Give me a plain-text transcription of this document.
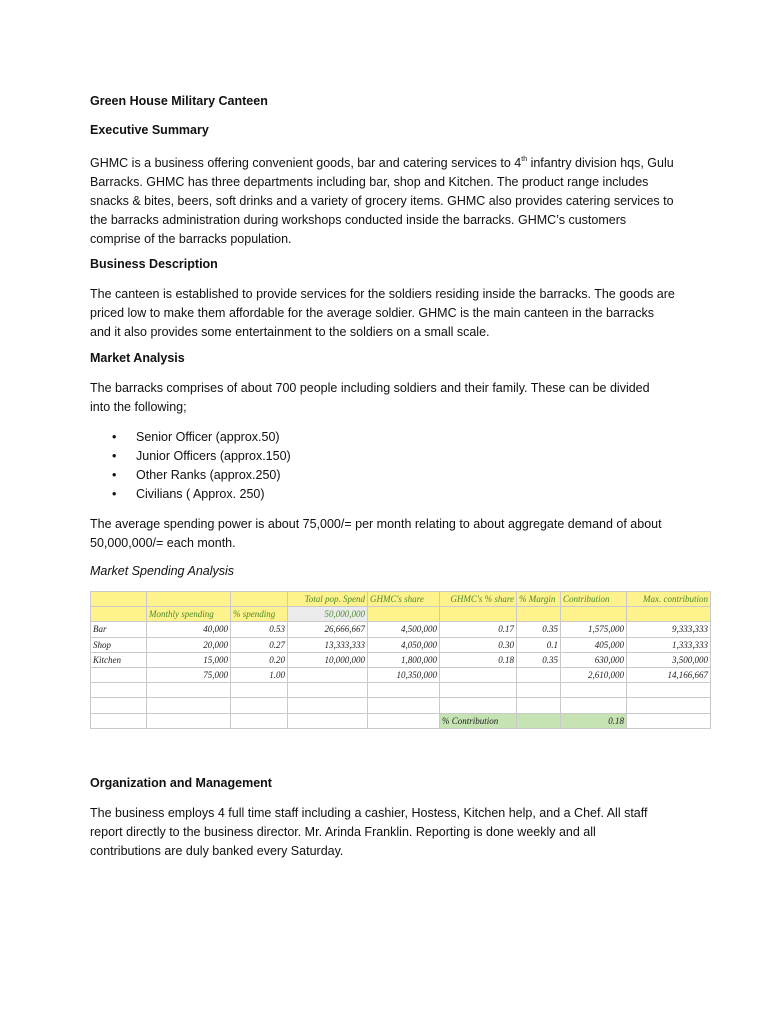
Green House Military Canteen
Executive Summary
GHMC is a business offering convenient goods, bar and catering services to 4th infantry division hqs, Gulu
Barracks. GHMC has three departments including bar, shop and Kitchen. The product range includes
snacks & bites, beers, soft drinks and a variety of grocery items. GHMC also provides catering services to
the barracks administration during workshops conducted inside the barracks. GHMC’s customers
comprise of the barracks population.
Business Description
The canteen is established to provide services for the soldiers residing inside the barracks. The goods are
priced low to make them affordable for the average soldier. GHMC is the main canteen in the barracks
and it also provides some entertainment to the soldiers on a small scale.
Market Analysis
The barracks comprises of about 700 people including soldiers and their family. These can be divided
into the following;
• Senior Officer (approx.50)
• Junior Officers (approx.150)
• Other Ranks (approx.250)
• Civilians ( Approx. 250)
The average spending power is about 75,000/= per month relating to about aggregate demand of about
50,000,000/= each month.
Market Spending Analysis
Organization and Management
The business employs 4 full time staff including a cashier, Hostess, Kitchen help, and a Chef. All staff
report directly to the business director. Mr. Arinda Franklin. Reporting is done weekly and all
contributions are duly banked every Saturday.
			Total pop. Spend	GHMC's share	GHMC's % share	% Margin	Contribution	Max. contribution
	Monthly spending	% spending	50,000,000					
Bar	40,000	0.53	26,666,667	4,500,000	0.17	0.35	1,575,000	9,333,333
Shop	20,000	0.27	13,333,333	4,050,000	0.30	0.1	405,000	1,333,333
Kitchen	15,000	0.20	10,000,000	1,800,000	0.18	0.35	630,000	3,500,000
	75,000	1.00		10,350,000			2,610,000	14,166,667

					% Contribution		0.18	
